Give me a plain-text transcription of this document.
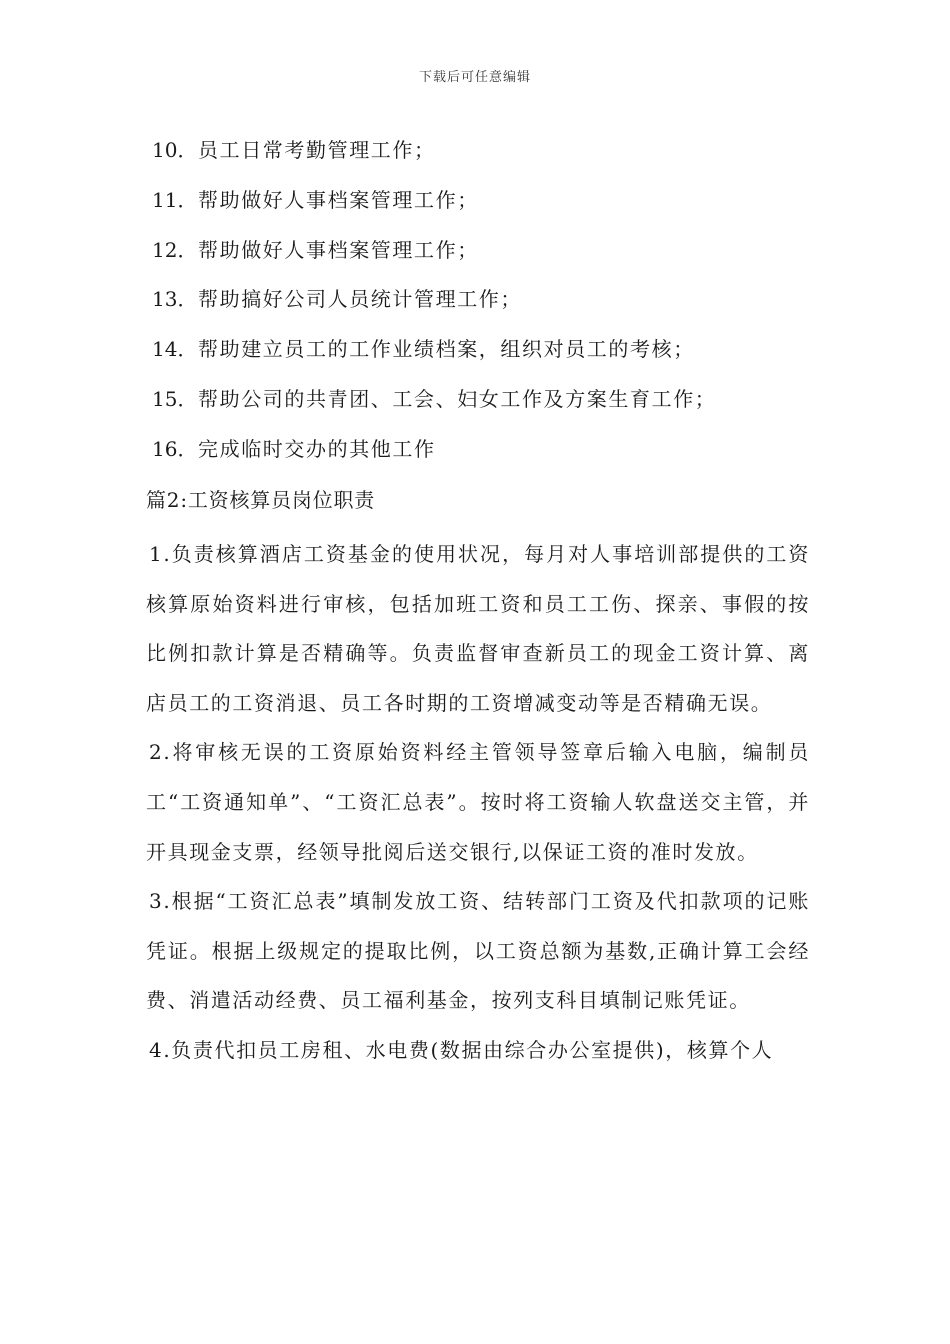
下载后可任意编辑
10．员工日常考勤管理工作；
11．帮助做好人事档案管理工作；
12．帮助做好人事档案管理工作；
13．帮助搞好公司人员统计管理工作；
14．帮助建立员工的工作业绩档案，组织对员工的考核；
15．帮助公司的共青团、工会、妇女工作及方案生育工作；
16．完成临时交办的其他工作
篇2:工资核算员岗位职责

1.负责核算酒店工资基金的使用状况，每月对人事培训部提供的工资核算原始资料进行审核，包括加班工资和员工工伤、探亲、事假的按比例扣款计算是否精确等。负责监督审查新员工的现金工资计算、离店员工的工资消退、员工各时期的工资增减变动等是否精确无误。

2.将审核无误的工资原始资料经主管领导签章后输入电脑，编制员工“工资通知单”、“工资汇总表”。按时将工资输人软盘送交主管，并开具现金支票，经领导批阅后送交银行,以保证工资的准时发放。

3.根据“工资汇总表”填制发放工资、结转部门工资及代扣款项的记账凭证。根据上级规定的提取比例，以工资总额为基数,正确计算工会经费、消遣活动经费、员工福利基金，按列支科目填制记账凭证。

4.负责代扣员工房租、水电费(数据由综合办公室提供)，核算个人
